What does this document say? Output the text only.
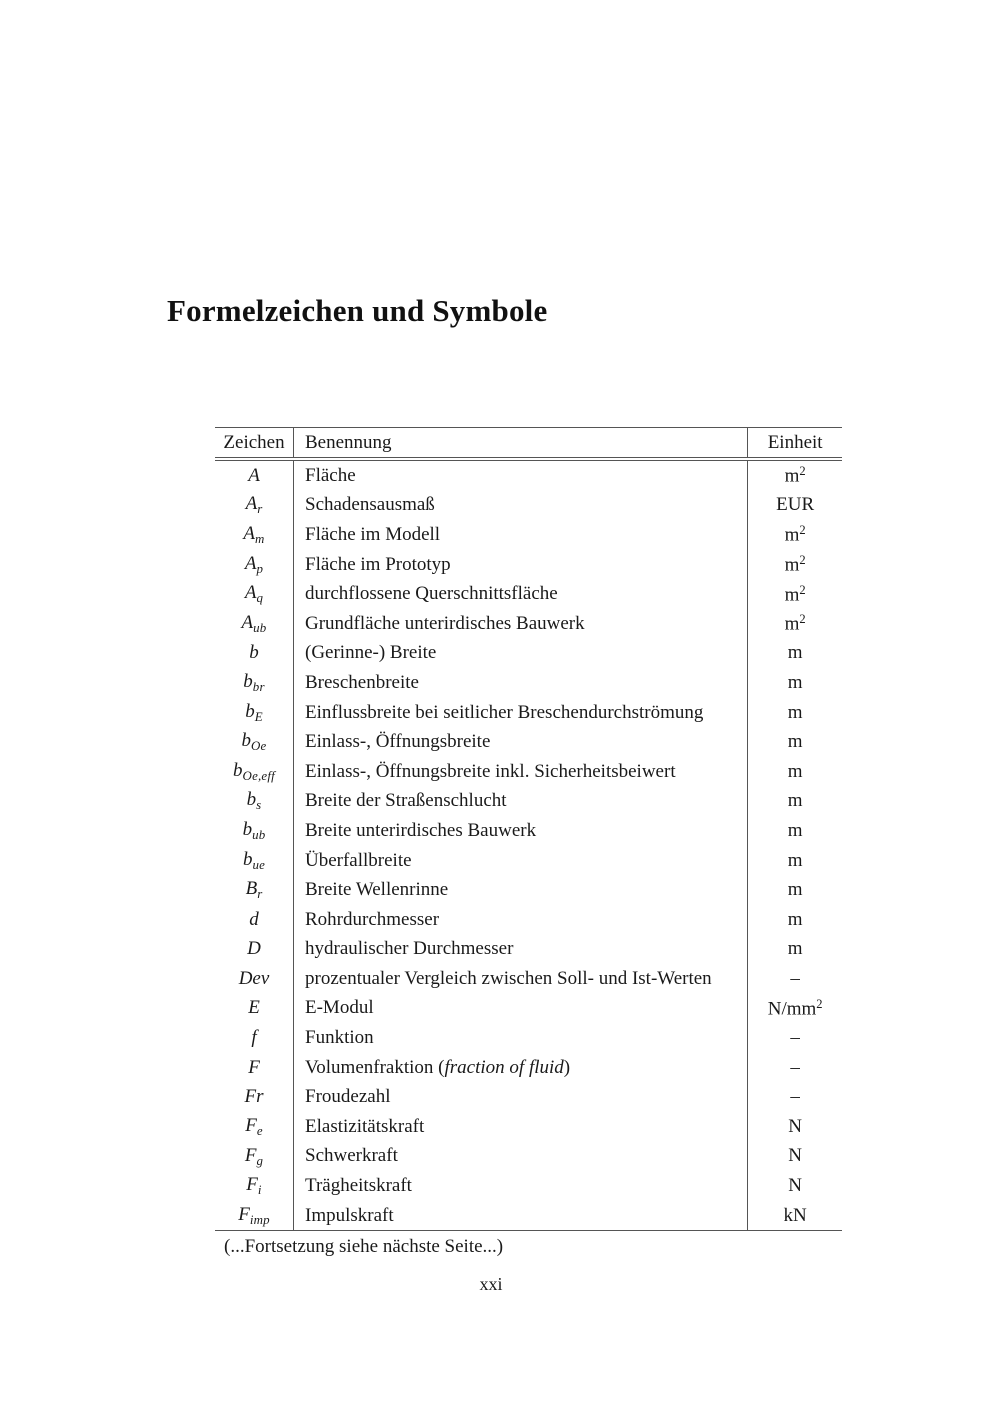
Formelzeichen und Symbole
Zeichen	Benennung	Einheit
A	Fläche	$m^2$
$A_r$	Schadensausmaß	EUR
$A_m$	Fläche im Modell	$m^2$
$A_p$	Fläche im Prototyp	$m^2$
$A_q$	durchflossene Querschnittsfläche	$m^2$
$A_{ub}$	Grundfläche unterirdisches Bauwerk	$m^2$
b	(Gerinne-) Breite	m
$b_{br}$	Breschenbreite	m
$b_E$	Einflussbreite bei seitlicher Breschendurchströmung	m
$b_{Oe}$	Einlass-, Öffnungsbreite	m
$b_{Oe,eff}$	Einlass-, Öffnungsbreite inkl. Sicherheitsbeiwert	m
$b_s$	Breite der Straßenschlucht	m
$b_{ub}$	Breite unterirdisches Bauwerk	m
$b_{ue}$	Überfallbreite	m
$B_r$	Breite Wellenrinne	m
d	Rohrdurchmesser	m
D	hydraulischer Durchmesser	m
Dev	prozentualer Vergleich zwischen Soll- und Ist-Werten	–
E	E-Modul	$N/mm^2$
f	Funktion	–
F	Volumenfraktion (fraction of fluid)	–
Fr	Froudezahl	–
$F_e$	Elastizitätskraft	N
$F_g$	Schwerkraft	N
$F_i$	Trägheitskraft	N
$F_{imp}$	Impulskraft	kN
(...Fortsetzung siehe nächste Seite...)
xxi
